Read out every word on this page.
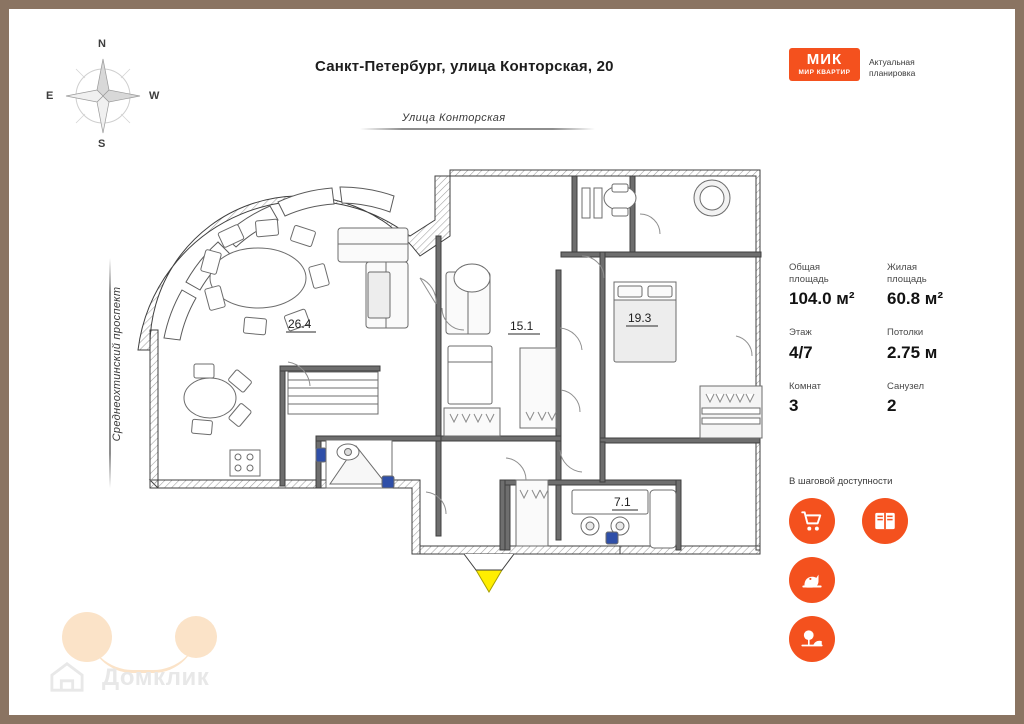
Санкт-Петербург, улица Конторская, 20	МИК
МИР КВАРТИР
Актуальная планировка
N
S
E	W
Улица Конторская
Среднеохтинский проспект	26.4	15.1
19.3
7.1
Общая
площадь
104.0 м²
Жилая
площадь
60.8 м²
Этаж
4/7
Потолки
2.75 м
Комнат
3
Санузел
2
В шаговой доступности

Домклик
